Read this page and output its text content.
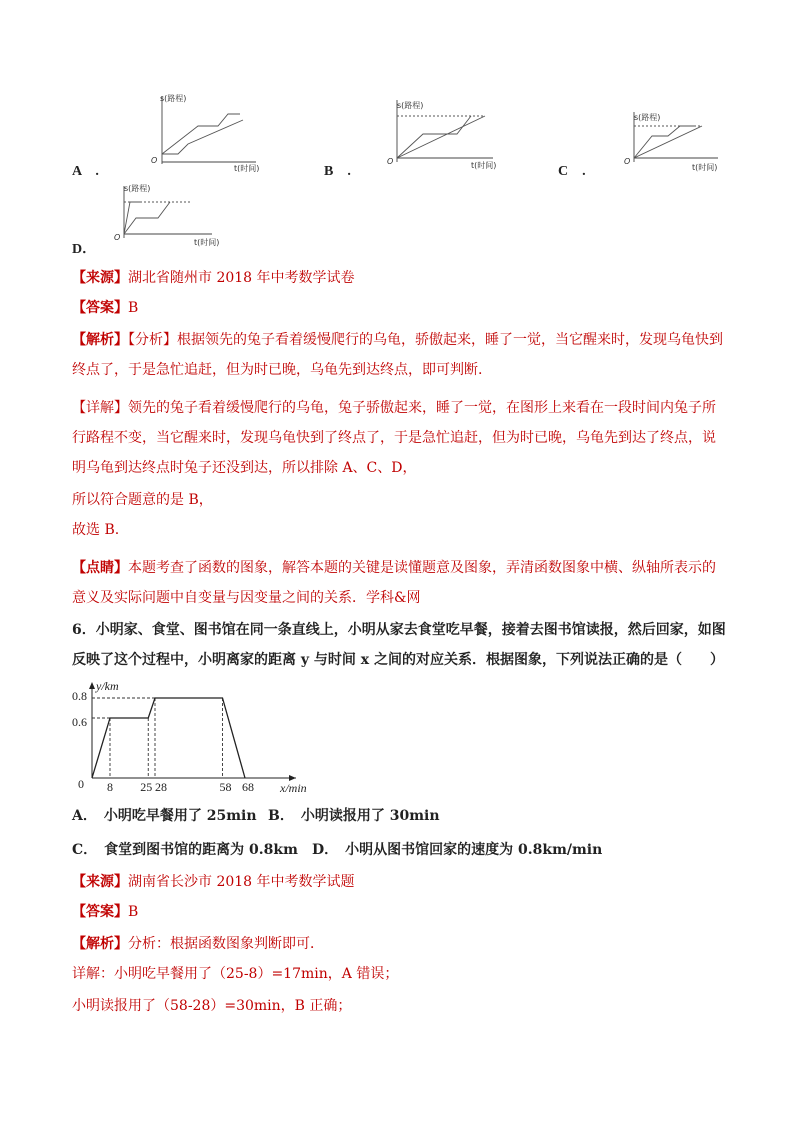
A　.
s(路程)
t(时间)
O
B　.
s(路程)
t(时间)
O
C　.
s(路程)
t(时间)
O
D．
s(路程)
t(时间)
O
【来源】湖北省随州市 2018 年中考数学试卷
【答案】B
【解析】【分析】根据领先的兔子看着缓慢爬行的乌龟，骄傲起来，睡了一觉，当它醒来时，发现乌龟快到
终点了，于是急忙追赶，但为时已晚，乌龟先到达终点，即可判断.
【详解】领先的兔子看着缓慢爬行的乌龟，兔子骄傲起来，睡了一觉，在图形上来看在一段时间内兔子所
行路程不变，当它醒来时，发现乌龟快到了终点了，于是急忙追赶，但为时已晚，乌龟先到达了终点，说
明乌龟到达终点时兔子还没到达，所以排除 A、C、D，
所以符合题意的是 B，
故选 B.
【点睛】本题考查了函数的图象，解答本题的关键是读懂题意及图象，弄清函数图象中横、纵轴所表示的
意义及实际问题中自变量与因变量之间的关系．学科&网
6．小明家、食堂、图书馆在同一条直线上，小明从家去食堂吃早餐，接着去图书馆读报，然后回家，如图
反映了这个过程中，小明离家的距离 y 与时间 x 之间的对应关系．根据图象，下列说法正确的是（　　）
y/km
x/min
0 8 25 28	58 68
0.6
0.8
A．　小明吃早餐用了 25min B．　小明读报用了 30min
C．　食堂到图书馆的距离为 0.8km D．　小明从图书馆回家的速度为 0.8km/min
【来源】湖南省长沙市 2018 年中考数学试题
【答案】B
【解析】分析：根据函数图象判断即可．
详解：小明吃早餐用了（25-8）=17min，A 错误；
小明读报用了（58-28）=30min，B 正确；
